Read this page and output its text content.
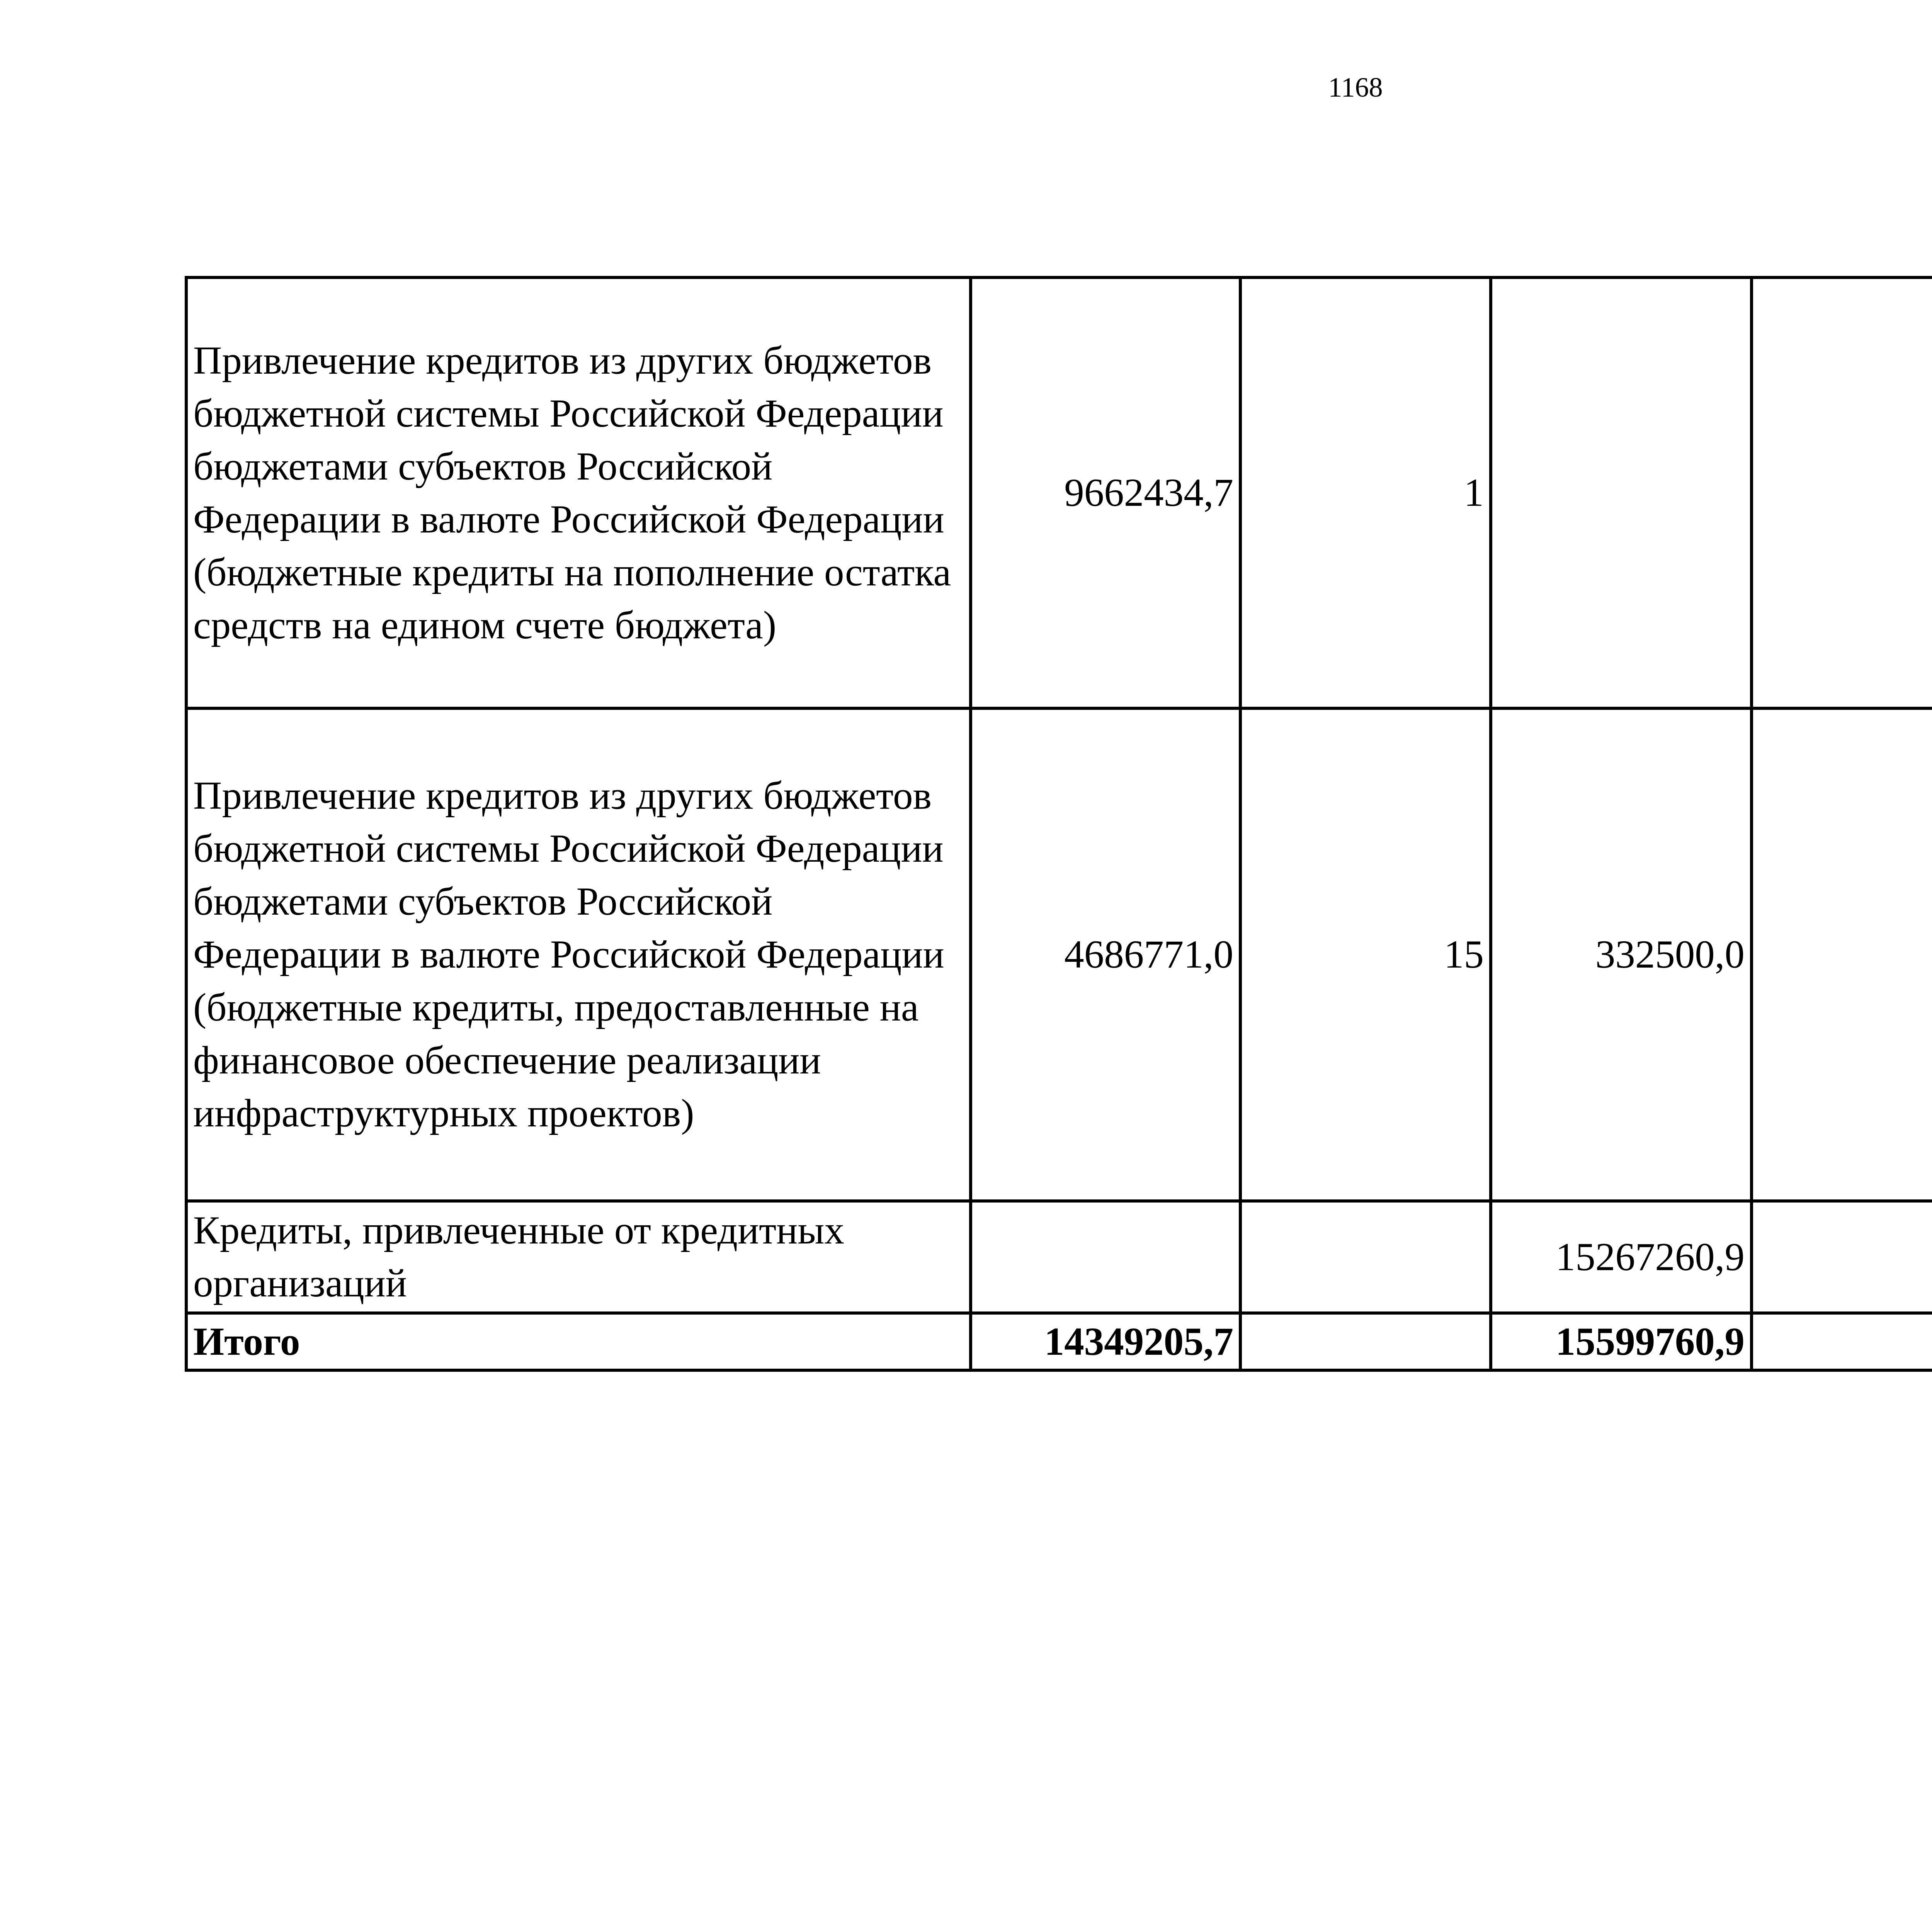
1168
Привлечение кредитов из других бюджетов бюджетной системы Российской Федерации бюджетами субъектов Российской Федерации в валюте Российской Федерации (бюджетные кредиты на пополнение остатка средств на едином счете бюджета)	9662434,7	1				
Привлечение кредитов из других бюджетов бюджетной системы Российской Федерации бюджетами субъектов Российской Федерации в валюте Российской Федерации (бюджетные кредиты, предоставленные на финансовое обеспечение реализации инфраструктурных проектов)	4686771,0	15	332500,0			
Кредиты, привлеченные от кредитных организаций			15267260,9			
Итого	14349205,7		15599760,9			
